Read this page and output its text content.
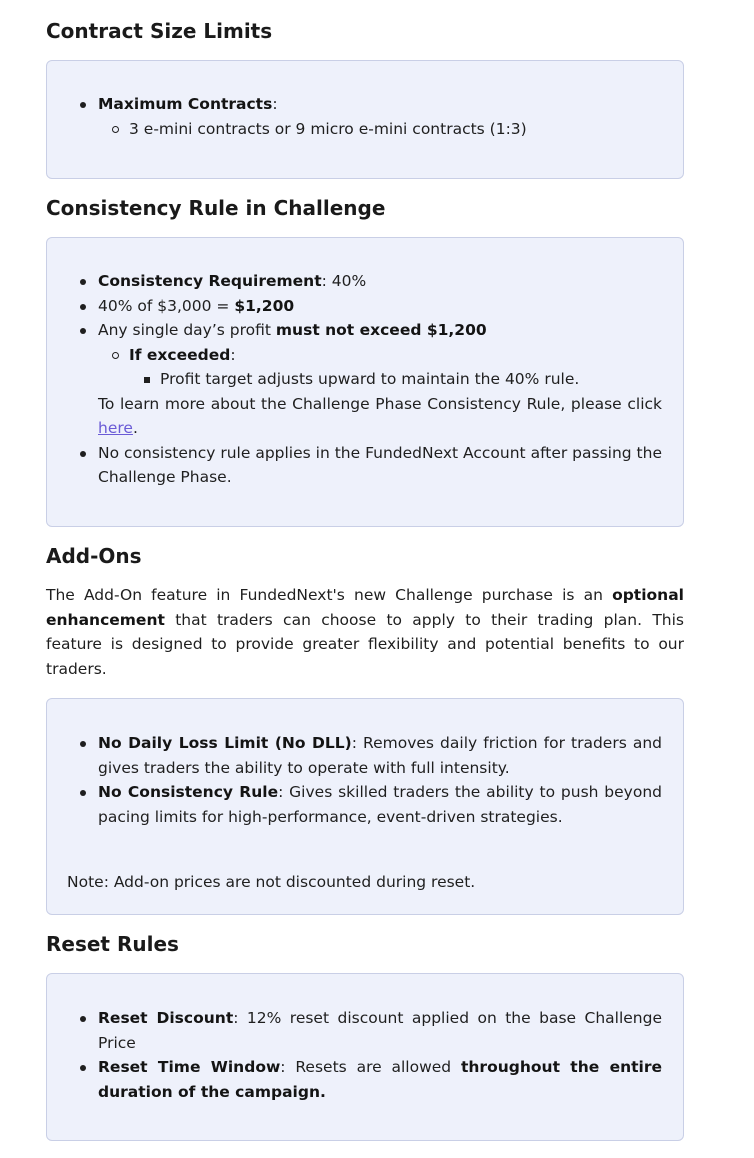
Contract Size Limits
Maximum Contracts:
3 e-mini contracts or 9 micro e-mini contracts (1:3)
Consistency Rule in Challenge
Consistency Requirement: 40%
40% of $3,000 = $1,200
Any single day’s profit must not exceed $1,200
If exceeded:
Profit target adjusts upward to maintain the 40% rule.
To learn more about the Challenge Phase Consistency Rule, please click here.
No consistency rule applies in the FundedNext Account after passing the Challenge Phase.
Add-Ons

The Add-On feature in FundedNext's new Challenge purchase is an optional enhancement that traders can choose to apply to their trading plan. This feature is designed to provide greater flexibility and potential benefits to our traders.

No Daily Loss Limit (No DLL): Removes daily friction for traders and gives traders the ability to operate with full intensity.
No Consistency Rule: Gives skilled traders the ability to push beyond pacing limits for high-performance, event-driven strategies.
Note: Add-on prices are not discounted during reset.
Reset Rules
Reset Discount: 12% reset discount applied on the base Challenge Price
Reset Time Window: Resets are allowed throughout the entire duration of the campaign.
